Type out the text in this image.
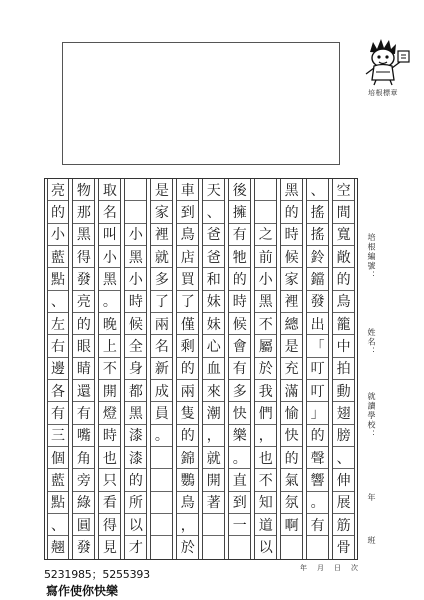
培根標章
培根編號：
姓名：
就讀學校：
年
班
空
間
寬
敞
的
鳥
籠
中
拍
動
翅
膀
、
伸
展
筋
骨
、
搖
搖
鈴
鐺
發
出
「
叮
叮
」
的
聲
響
。
有
黑
的
時
候
家
裡
總
是
充
滿
愉
快
的
氣
氛
啊
之
前
小
黑
不
屬
於
我
們
，
也
不
知
道
以
後
擁
有
牠
的
時
候
會
有
多
快
樂
。
直
到
一
天
、
爸
爸
和
妹
妹
心
血
來
潮
，
就
開
著
車
到
鳥
店
買
了
僅
剩
的
兩
隻
的
錦
鸚
鳥
，
於
是
家
裡
就
多
了
兩
名
新
成
員
。
小
黑
小
時
候
全
身
都
黑
漆
漆
的
所
以
才
取
名
叫
小
黑
。
晚
上
不
開
燈
時
也
只
看
得
見
物
那
黑
得
發
亮
的
眼
睛
還
有
嘴
角
旁
綠
圓
發
亮
的
小
藍
點
、
左
右
邊
各
有
三
個
藍
點
、
翹
年 月 日 次
5231985；5255393
寫作使你快樂
